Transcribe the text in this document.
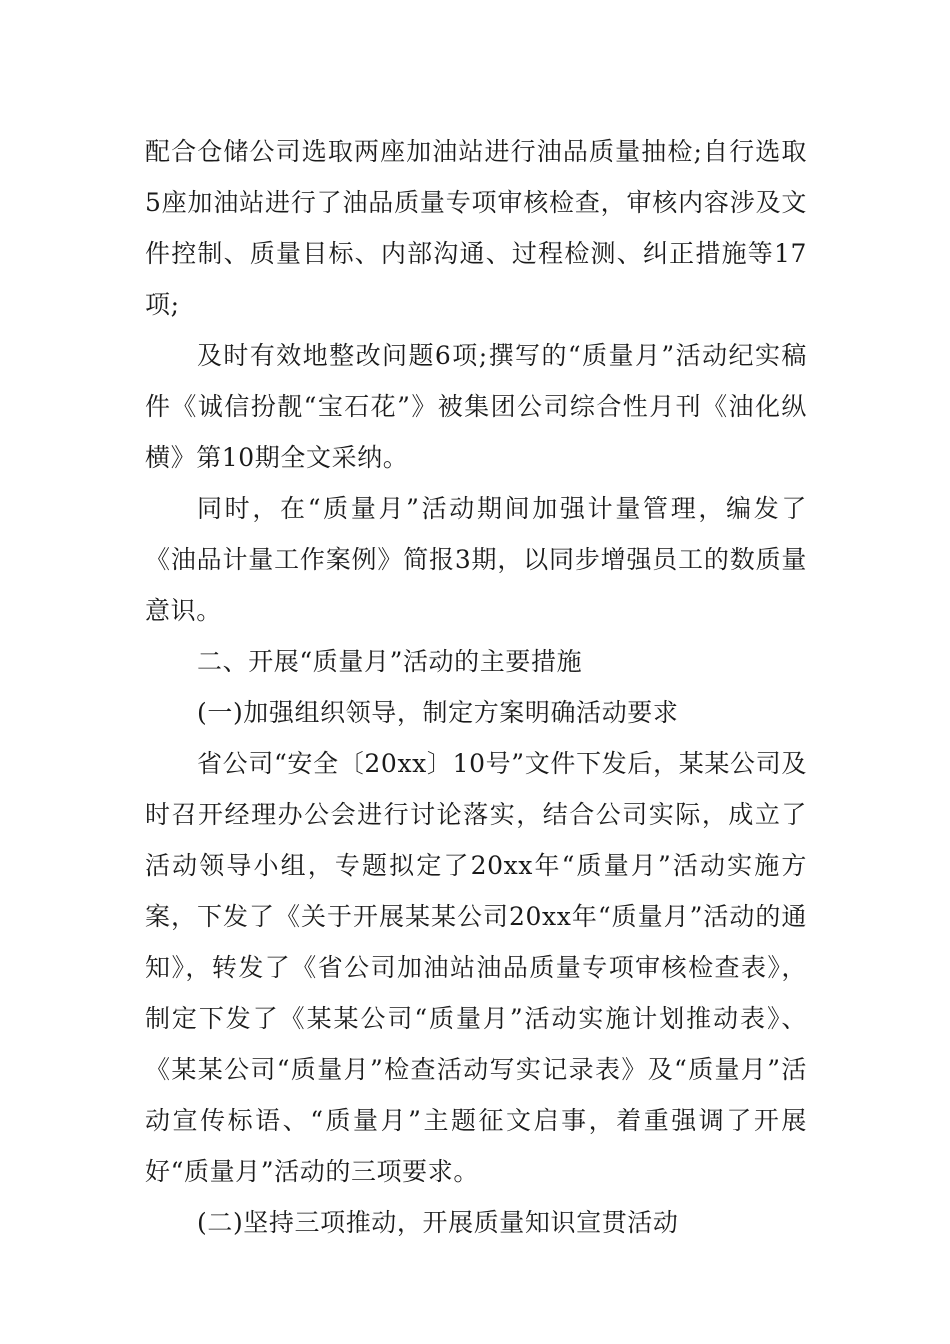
配合仓储公司选取两座加油站进行油品质量抽检;自行选取5座加油站进行了油品质量专项审核检查，审核内容涉及文件控制、质量目标、内部沟通、过程检测、纠正措施等17项;

及时有效地整改问题6项;撰写的“质量月”活动纪实稿件《诚信扮靓“宝石花”》被集团公司综合性月刊《油化纵横》第10期全文采纳。

同时，在“质量月”活动期间加强计量管理，编发了《油品计量工作案例》简报3期，以同步增强员工的数质量意识。

二、开展“质量月”活动的主要措施

(一)加强组织领导，制定方案明确活动要求

省公司“安全〔20xx〕10号”文件下发后，某某公司及时召开经理办公会进行讨论落实，结合公司实际，成立了活动领导小组，专题拟定了20xx年“质量月”活动实施方案，下发了《关于开展某某公司20xx年“质量月”活动的通知》，转发了《省公司加油站油品质量专项审核检查表》，制定下发了《某某公司“质量月”活动实施计划推动表》、《某某公司“质量月”检查活动写实记录表》及“质量月”活动宣传标语、“质量月”主题征文启事，着重强调了开展好“质量月”活动的三项要求。

(二)坚持三项推动，开展质量知识宣贯活动
